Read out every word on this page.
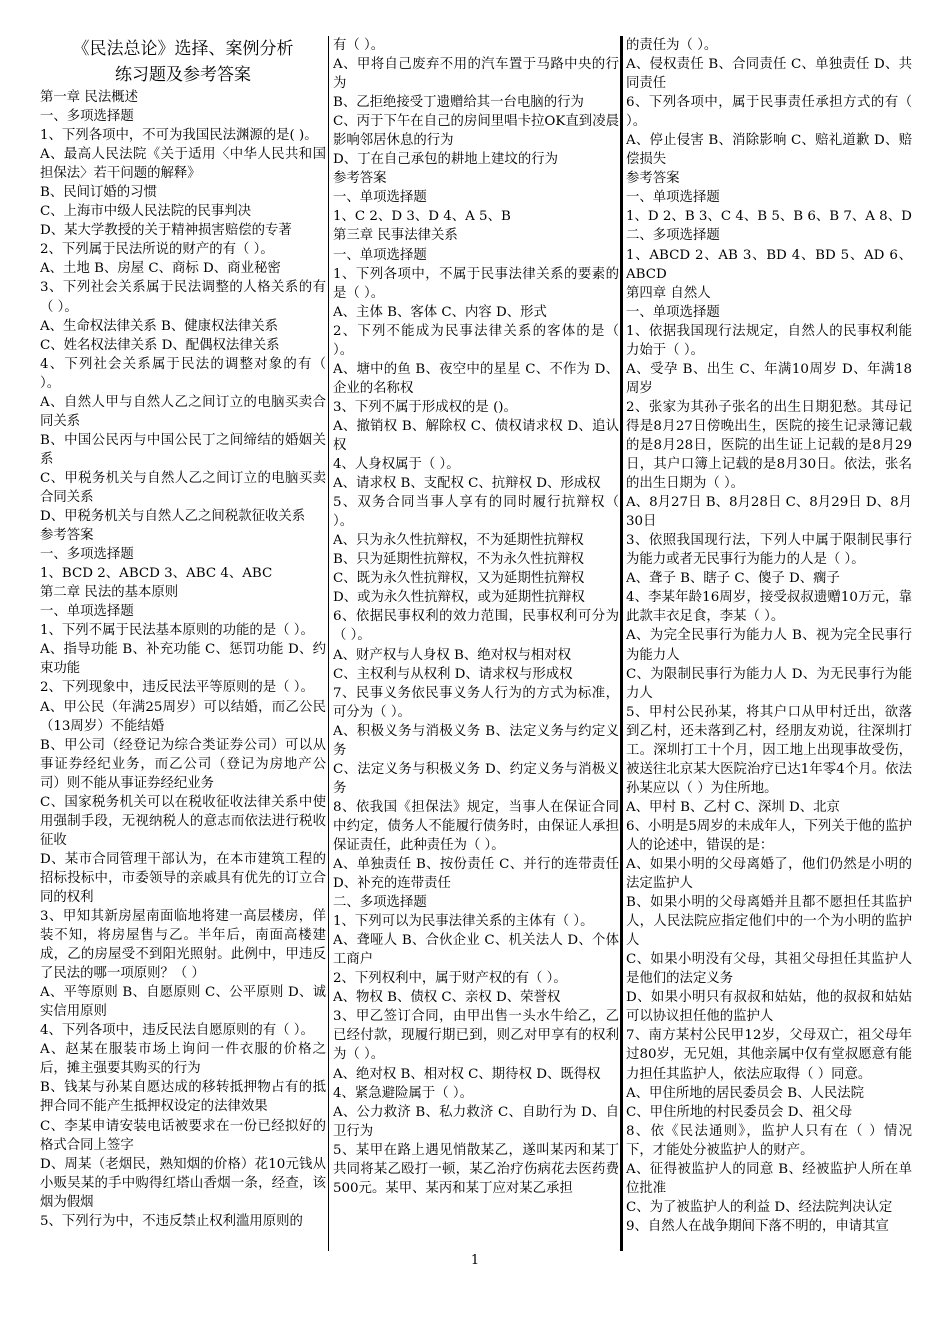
《民法总论》选择、案例分析

练习题及参考答案

第一章 民法概述

一、多项选择题

1、下列各项中，不可为我国民法渊源的是( )。

A、最高人民法院《关于适用〈中华人民共和国担保法〉若干问题的解释》

B、民间订婚的习惯

C、上海市中级人民法院的民事判决

D、某大学教授的关于精神损害赔偿的专著

2、下列属于民法所说的财产的有（ ）。

A、土地 B、房屋 C、商标 D、商业秘密

3、下列社会关系属于民法调整的人格关系的有（ ）。

A、生命权法律关系 B、健康权法律关系

C、姓名权法律关系 D、配偶权法律关系

4、下列社会关系属于民法的调整对象的有（ ）。

A、自然人甲与自然人乙之间订立的电脑买卖合同关系

B、中国公民丙与中国公民丁之间缔结的婚姻关系

C、甲税务机关与自然人乙之间订立的电脑买卖合同关系

D、甲税务机关与自然人乙之间税款征收关系

参考答案

一、多项选择题

1、BCD 2、ABCD 3、ABC 4、ABC

第二章 民法的基本原则

一、单项选择题

1、下列不属于民法基本原则的功能的是（ ）。

A、指导功能 B、补充功能 C、惩罚功能 D、约束功能

2、下列现象中，违反民法平等原则的是（ ）。

A、甲公民（年满25周岁）可以结婚，而乙公民（13周岁）不能结婚

B、甲公司（经登记为综合类证券公司）可以从事证券经纪业务，而乙公司（登记为房地产公司）则不能从事证券经纪业务

C、国家税务机关可以在税收征收法律关系中使用强制手段，无视纳税人的意志而依法进行税收征收

D、某市合同管理干部认为，在本市建筑工程的招标投标中，市委领导的亲戚具有优先的订立合同的权利

3、甲知其新房屋南面临地将建一高层楼房，佯装不知，将房屋售与乙。半年后，南面高楼建成，乙的房屋受不到阳光照射。此例中，甲违反了民法的哪一项原则？（ ）

A、平等原则 B、自愿原则 C、公平原则 D、诚实信用原则

4、下列各项中，违反民法自愿原则的有（ ）。

A、赵某在服装市场上询问一件衣服的价格之后，摊主强要其购买的行为

B、钱某与孙某自愿达成的移转抵押物占有的抵押合同不能产生抵押权设定的法律效果

C、李某申请安装电话被要求在一份已经拟好的格式合同上签字

D、周某（老烟民，熟知烟的价格）花10元钱从小贩吴某的手中购得红塔山香烟一条，经查，该烟为假烟

5、下列行为中，不违反禁止权利滥用原则的

有（ ）。

A、甲将自己废弃不用的汽车置于马路中央的行为

B、乙拒绝接受丁遗赠给其一台电脑的行为

C、丙于下午在自己的房间里唱卡拉OK直到凌晨影响邻居休息的行为

D、丁在自己承包的耕地上建坟的行为

参考答案

一、单项选择题

1、C 2、D 3、D 4、A 5、B

第三章 民事法律关系

一、单项选择题

1、下列各项中，不属于民事法律关系的要素的是（ ）。

A、主体 B、客体 C、内容 D、形式

2、下列不能成为民事法律关系的客体的是（ ）。

A、塘中的鱼 B、夜空中的星星 C、不作为 D、企业的名称权

3、下列不属于形成权的是 ()。

A、撤销权 B、解除权 C、债权请求权 D、追认权

4、人身权属于（ ）。

A、请求权 B、支配权 C、抗辩权 D、形成权

5、双务合同当事人享有的同时履行抗辩权（ ）。

A、只为永久性抗辩权，不为延期性抗辩权

B、只为延期性抗辩权，不为永久性抗辩权

C、既为永久性抗辩权，又为延期性抗辩权

D、或为永久性抗辩权，或为延期性抗辩权

6、依据民事权利的效力范围，民事权利可分为（ ）。

A、财产权与人身权 B、绝对权与相对权

C、主权利与从权利 D、请求权与形成权

7、民事义务依民事义务人行为的方式为标准，可分为（ ）。

A、积极义务与消极义务 B、法定义务与约定义务

C、法定义务与积极义务 D、约定义务与消极义务

8、依我国《担保法》规定，当事人在保证合同中约定，债务人不能履行债务时，由保证人承担保证责任，此种责任为（ ）。

A、单独责任 B、按份责任 C、并行的连带责任 D、补充的连带责任

二、多项选择题

1、下列可以为民事法律关系的主体有（ ）。

A、聋哑人 B、合伙企业 C、机关法人 D、个体工商户

2、下列权利中，属于财产权的有（ ）。

A、物权 B、债权 C、亲权 D、荣誉权

3、甲乙签订合同，由甲出售一头水牛给乙，乙已经付款，现履行期已到，则乙对甲享有的权利为（ ）。

A、绝对权 B、相对权 C、期待权 D、既得权

4、紧急避险属于（ ）。

A、公力救济 B、私力救济 C、自助行为 D、自卫行为

5、某甲在路上遇见悄散某乙，遂叫某丙和某丁共同将某乙殴打一顿，某乙治疗伤病花去医药费500元。某甲、某丙和某丁应对某乙承担

的责任为（ ）。

A、侵权责任 B、合同责任 C、单独责任 D、共同责任

6、下列各项中，属于民事责任承担方式的有（ ）。

A、停止侵害 B、消除影响 C、赔礼道歉 D、赔偿损失

参考答案

一、单项选择题

1、D 2、B 3、C 4、B 5、B 6、B 7、A 8、D

二、多项选择题

1、ABCD 2、AB 3、BD 4、BD 5、AD 6、ABCD

第四章 自然人

一、单项选择题

1、依据我国现行法规定，自然人的民事权利能力始于（ ）。

A、受孕 B、出生 C、年满10周岁 D、年满18周岁

2、张家为其孙子张名的出生日期犯愁。其母记得是8月27日傍晚出生，医院的接生记录簿记载的是8月28日，医院的出生证上记载的是8月29日，其户口簿上记载的是8月30日。依法，张名的出生日期为（ ）。

A、8月27日 B、8月28日 C、8月29日 D、8月30日

3、依照我国现行法，下列人中属于限制民事行为能力或者无民事行为能力的人是（ ）。

A、聋子 B、瞎子 C、傻子 D、瘸子

4、李某年龄16周岁，接受叔叔遗赠10万元，靠此款丰衣足食，李某（ ）。

A、为完全民事行为能力人 B、视为完全民事行为能力人

C、为限制民事行为能力人 D、为无民事行为能力人

5、甲村公民孙某，将其户口从甲村迁出，欲落到乙村，还未落到乙村，经朋友劝说，往深圳打工。深圳打工十个月，因工地上出现事故受伤，被送往北京某大医院治疗已达1年零4个月。依法孙某应以（ ）为住所地。

A、甲村 B、乙村 C、深圳 D、北京

6、小明是5周岁的未成年人，下列关于他的监护人的论述中，错误的是：

A、如果小明的父母离婚了，他们仍然是小明的法定监护人

B、如果小明的父母离婚并且都不愿担任其监护人，人民法院应指定他们中的一个为小明的监护人

C、如果小明没有父母，其祖父母担任其监护人是他们的法定义务

D、如果小明只有叔叔和姑姑，他的叔叔和姑姑可以协议担任他的监护人

7、南方某村公民甲12岁，父母双亡，祖父母年过80岁，无兄姐，其他亲属中仅有堂叔愿意有能力担任其监护人，依法应取得（ ）同意。

A、甲住所地的居民委员会 B、人民法院

C、甲住所地的村民委员会 D、祖父母

8、依《民法通则》，监护人只有在（ ）情况下，才能处分被监护人的财产。

A、征得被监护人的同意 B、经被监护人所在单位批准

C、为了被监护人的利益 D、经法院判决认定

9、自然人在战争期间下落不明的，申请其宣

1
